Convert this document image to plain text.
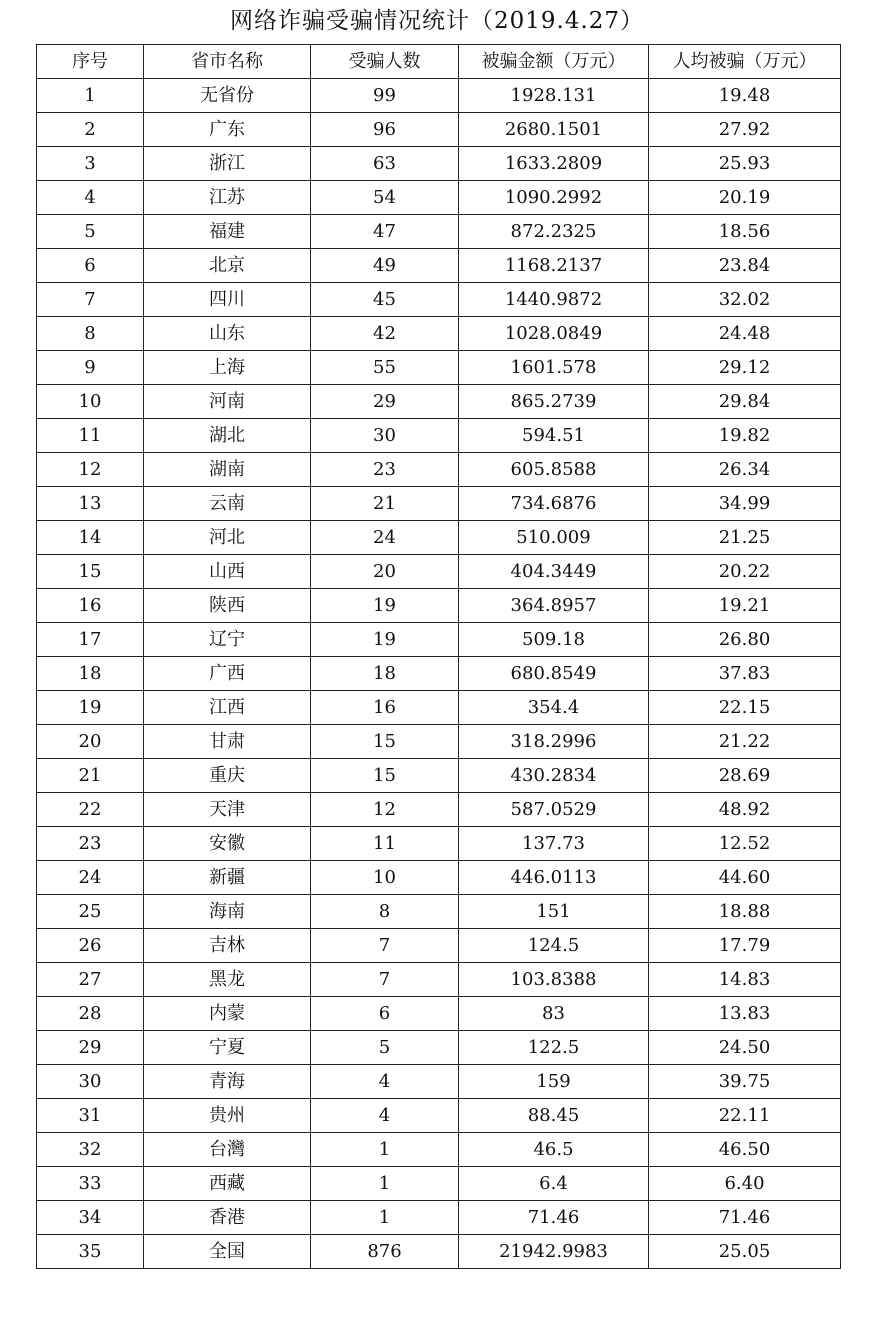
网络诈骗受骗情况统计（2019.4.27）
序号	省市名称	受骗人数	被骗金额（万元）	人均被骗（万元）
1	无省份	99	1928.131	19.48
2	广东	96	2680.1501	27.92
3	浙江	63	1633.2809	25.93
4	江苏	54	1090.2992	20.19
5	福建	47	872.2325	18.56
6	北京	49	1168.2137	23.84
7	四川	45	1440.9872	32.02
8	山东	42	1028.0849	24.48
9	上海	55	1601.578	29.12
10	河南	29	865.2739	29.84
11	湖北	30	594.51	19.82
12	湖南	23	605.8588	26.34
13	云南	21	734.6876	34.99
14	河北	24	510.009	21.25
15	山西	20	404.3449	20.22
16	陕西	19	364.8957	19.21
17	辽宁	19	509.18	26.80
18	广西	18	680.8549	37.83
19	江西	16	354.4	22.15
20	甘肃	15	318.2996	21.22
21	重庆	15	430.2834	28.69
22	天津	12	587.0529	48.92
23	安徽	11	137.73	12.52
24	新疆	10	446.0113	44.60
25	海南	8	151	18.88
26	吉林	7	124.5	17.79
27	黑龙	7	103.8388	14.83
28	内蒙	6	83	13.83
29	宁夏	5	122.5	24.50
30	青海	4	159	39.75
31	贵州	4	88.45	22.11
32	台灣	1	46.5	46.50
33	西藏	1	6.4	6.40
34	香港	1	71.46	71.46
35	全国	876	21942.9983	25.05
